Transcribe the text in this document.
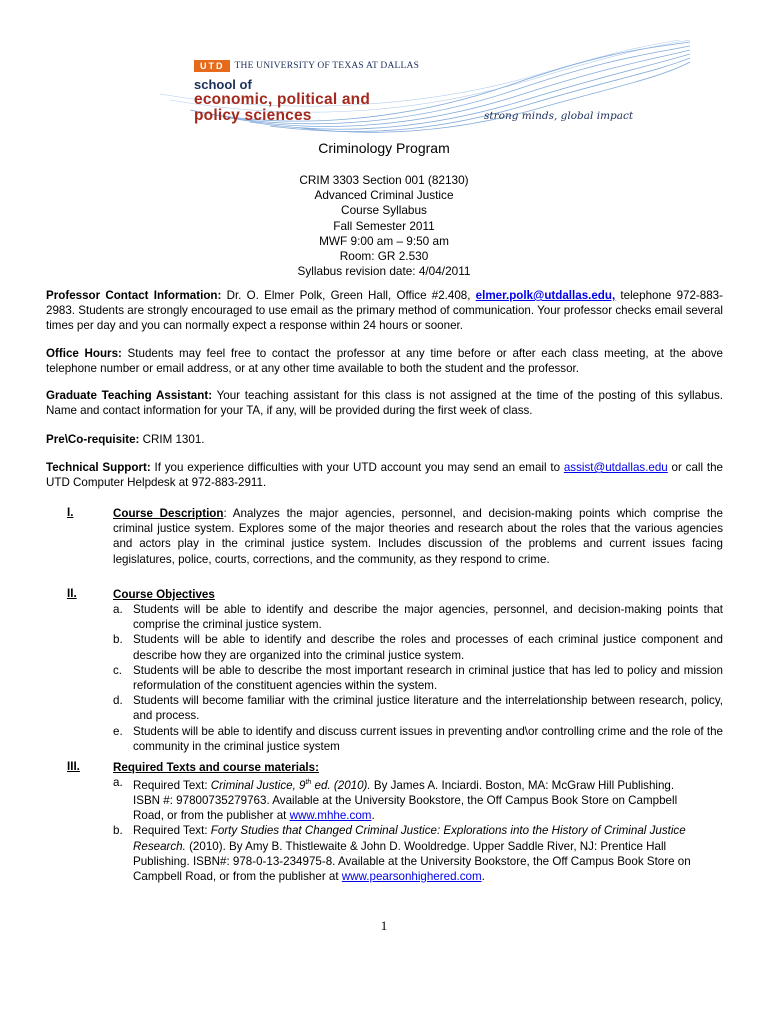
UTD	THE UNIVERSITY OF TEXAS AT DALLAS
school of
economic, political and
policy sciences	strong minds, global impact
Criminology Program
CRIM 3303 Section 001 (82130)
Advanced Criminal Justice
Course Syllabus
Fall Semester 2011
MWF 9:00 am – 9:50 am
Room: GR 2.530
Syllabus revision date: 4/04/2011
Professor Contact Information: Dr. O. Elmer Polk, Green Hall, Office #2.408, elmer.polk@utdallas.edu, telephone 972-883-2983. Students are strongly encouraged to use email as the primary method of communication. Your professor checks email several times per day and you can normally expect a response within 24 hours or sooner.
Office Hours: Students may feel free to contact the professor at any time before or after each class meeting, at the above telephone number or email address, or at any other time available to both the student and the professor.
Graduate Teaching Assistant: Your teaching assistant for this class is not assigned at the time of the posting of this syllabus. Name and contact information for your TA, if any, will be provided during the first week of class.
Pre\Co-requisite: CRIM 1301.
Technical Support: If you experience difficulties with your UTD account you may send an email to assist@utdallas.edu or call the UTD Computer Helpdesk at 972-883-2911.
I.	Course Description: Analyzes the major agencies, personnel, and decision-making points which comprise the criminal justice system. Explores some of the major theories and research about the roles that the various agencies and actors play in the criminal justice system. Includes discussion of the problems and current issues facing legislatures, police, courts, corrections, and the community, as they respond to crime.
II.	Course Objectives

a. Students will be able to identify and describe the major agencies, personnel, and decision-making points that comprise the criminal justice system.

b. Students will be able to identify and describe the roles and processes of each criminal justice component and describe how they are organized into the criminal justice system.

c. Students will be able to describe the most important research in criminal justice that has led to policy and mission reformulation of the constituent agencies within the system.

d. Students will become familiar with the criminal justice literature and the interrelationship between research, policy, and process.

e. Students will be able to identify and discuss current issues in preventing and\or controlling crime and the role of the community in the criminal justice system

III.	Required Texts and course materials:

a. Required Text: Criminal Justice, 9th ed. (2010). By James A. Inciardi. Boston, MA: McGraw Hill Publishing. ISBN #: 97800735279763. Available at the University Bookstore, the Off Campus Book Store on Campbell Road, or from the publisher at www.mhhe.com.

b. Required Text: Forty Studies that Changed Criminal Justice: Explorations into the History of Criminal Justice Research. (2010). By Amy B. Thistlewaite & John D. Wooldredge. Upper Saddle River, NJ: Prentice Hall Publishing. ISBN#: 978-0-13-234975-8. Available at the University Bookstore, the Off Campus Book Store on Campbell Road, or from the publisher at www.pearsonhighered.com.

1
